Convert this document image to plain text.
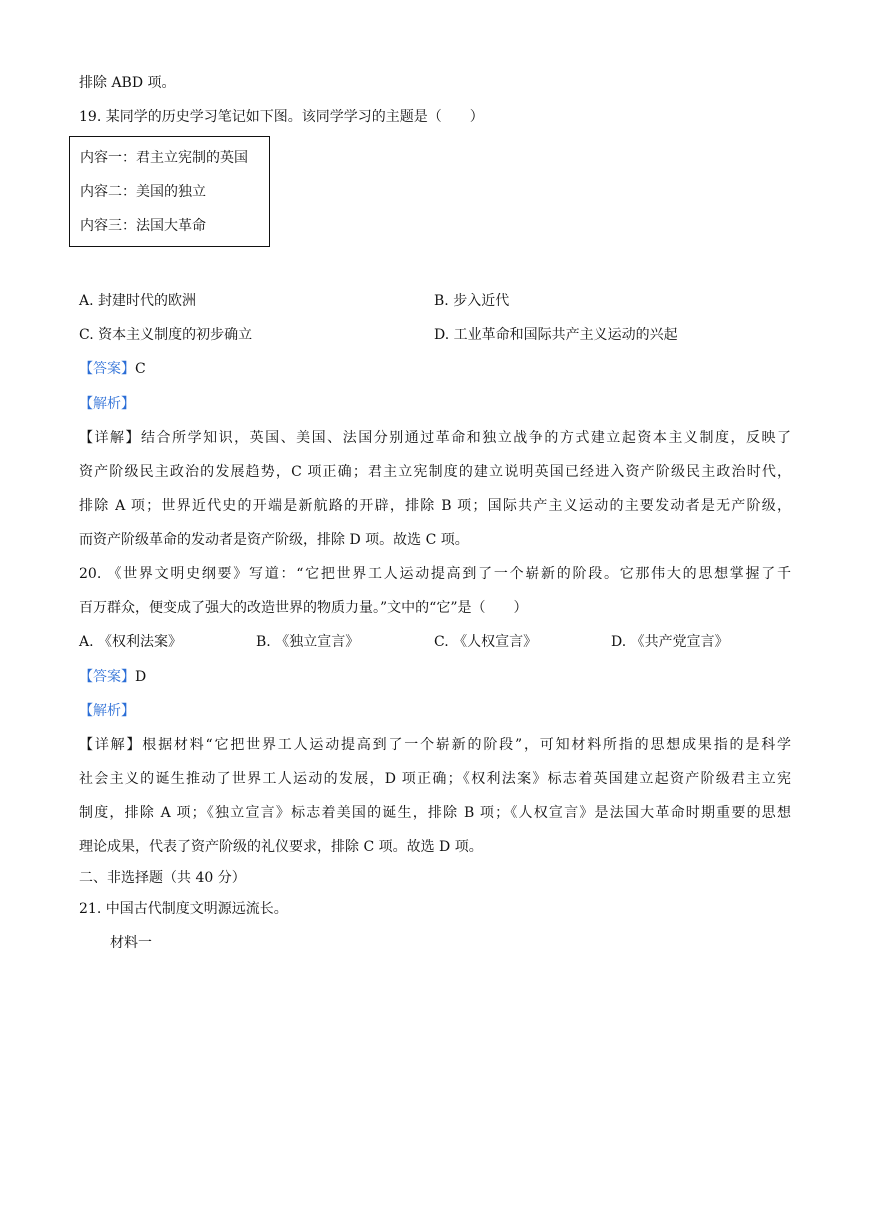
排除 ABD 项。
19. 某同学的历史学习笔记如下图。该同学学习的主题是（　　）
内容一：君主立宪制的英国
内容二：美国的独立
内容三：法国大革命
A. 封建时代的欧洲	B. 步入近代
C. 资本主义制度的初步确立	D. 工业革命和国际共产主义运动的兴起
【答案】C
【解析】
【详解】结合所学知识，英国、美国、法国分别通过革命和独立战争的方式建立起资本主义制度，反映了
资产阶级民主政治的发展趋势，C 项正确；君主立宪制度的建立说明英国已经进入资产阶级民主政治时代，
排除 A 项；世界近代史的开端是新航路的开辟，排除 B 项；国际共产主义运动的主要发动者是无产阶级，
而资产阶级革命的发动者是资产阶级，排除 D 项。故选 C 项。
20. 《世界文明史纲要》写道：“它把世界工人运动提高到了一个崭新的阶段。它那伟大的思想掌握了千
百万群众，便变成了强大的改造世界的物质力量。”文中的“它”是（　　）
A. 《权利法案》	B. 《独立宣言》	C. 《人权宣言》	D. 《共产党宣言》
【答案】D
【解析】
【详解】根据材料“它把世界工人运动提高到了一个崭新的阶段”，可知材料所指的思想成果指的是科学
社会主义的诞生推动了世界工人运动的发展，D 项正确；《权利法案》标志着英国建立起资产阶级君主立宪
制度，排除 A 项；《独立宣言》标志着美国的诞生，排除 B 项；《人权宣言》是法国大革命时期重要的思想
理论成果，代表了资产阶级的礼仪要求，排除 C 项。故选 D 项。
二、非选择题（共 40 分）
21. 中国古代制度文明源远流长。
材料一
